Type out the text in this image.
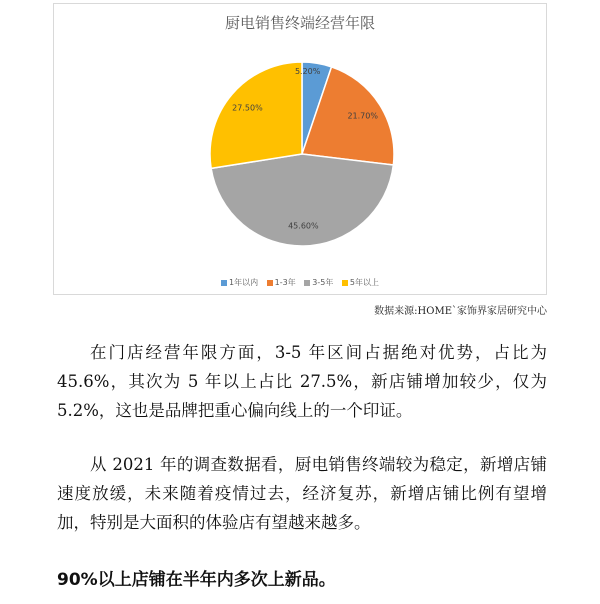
5.20%
21.70%
45.60%
27.50%
厨电销售终端经营年限
1年以内 1-3年 3-5年 5年以上
数据来源:HOME`家饰界家居研究中心

在门店经营年限方面，3-5 年区间占据绝对优势，占比为 45.6%，其次为 5 年以上占比 27.5%，新店铺增加较少，仅为 5.2%，这也是品牌把重心偏向线上的一个印证。

从 2021 年的调查数据看，厨电销售终端较为稳定，新增店铺速度放缓，未来随着疫情过去，经济复苏，新增店铺比例有望增加，特别是大面积的体验店有望越来越多。

90%以上店铺在半年内多次上新品。
